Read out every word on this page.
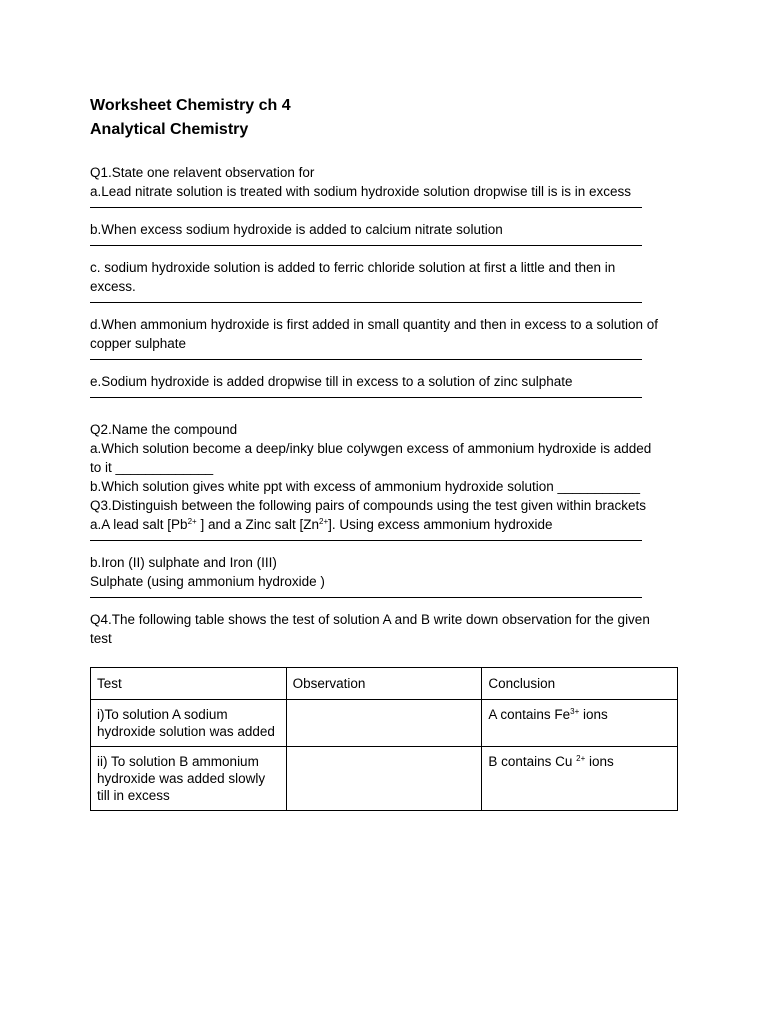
Worksheet Chemistry ch 4
Analytical Chemistry
Q1.State one relavent observation for
a.Lead nitrate solution is treated with sodium hydroxide solution dropwise till is is in excess
b.When excess sodium hydroxide is added to calcium nitrate solution
c. sodium hydroxide solution is added to ferric chloride solution at first a little and then in
excess.
d.When ammonium hydroxide is first added in small quantity and then in excess to a solution of
copper sulphate
e.Sodium hydroxide is added dropwise till in excess to a solution of zinc sulphate
Q2.Name the compound
a.Which solution become a deep/inky blue colywgen excess of ammonium hydroxide is added
to it _____________
b.Which solution gives white ppt with excess of ammonium hydroxide solution ___________
Q3.Distinguish between the following pairs of compounds using the test given within brackets
a.A lead salt [$Pb^{2+}$ ] and a Zinc salt $[Zn^{2+}]$. Using excess ammonium hydroxide
b.Iron (II) sulphate and Iron (III)
Sulphate (using ammonium hydroxide )
Q4.The following table shows the test of solution A and B write down observation for the given
test
Test	Observation	Conclusion
i)To solution A sodium hydroxide solution was added		A contains $Fe^{3+}$ ions
ii) To solution B ammonium hydroxide was added slowly till in excess		B contains Cu $^{2+}$ ions
